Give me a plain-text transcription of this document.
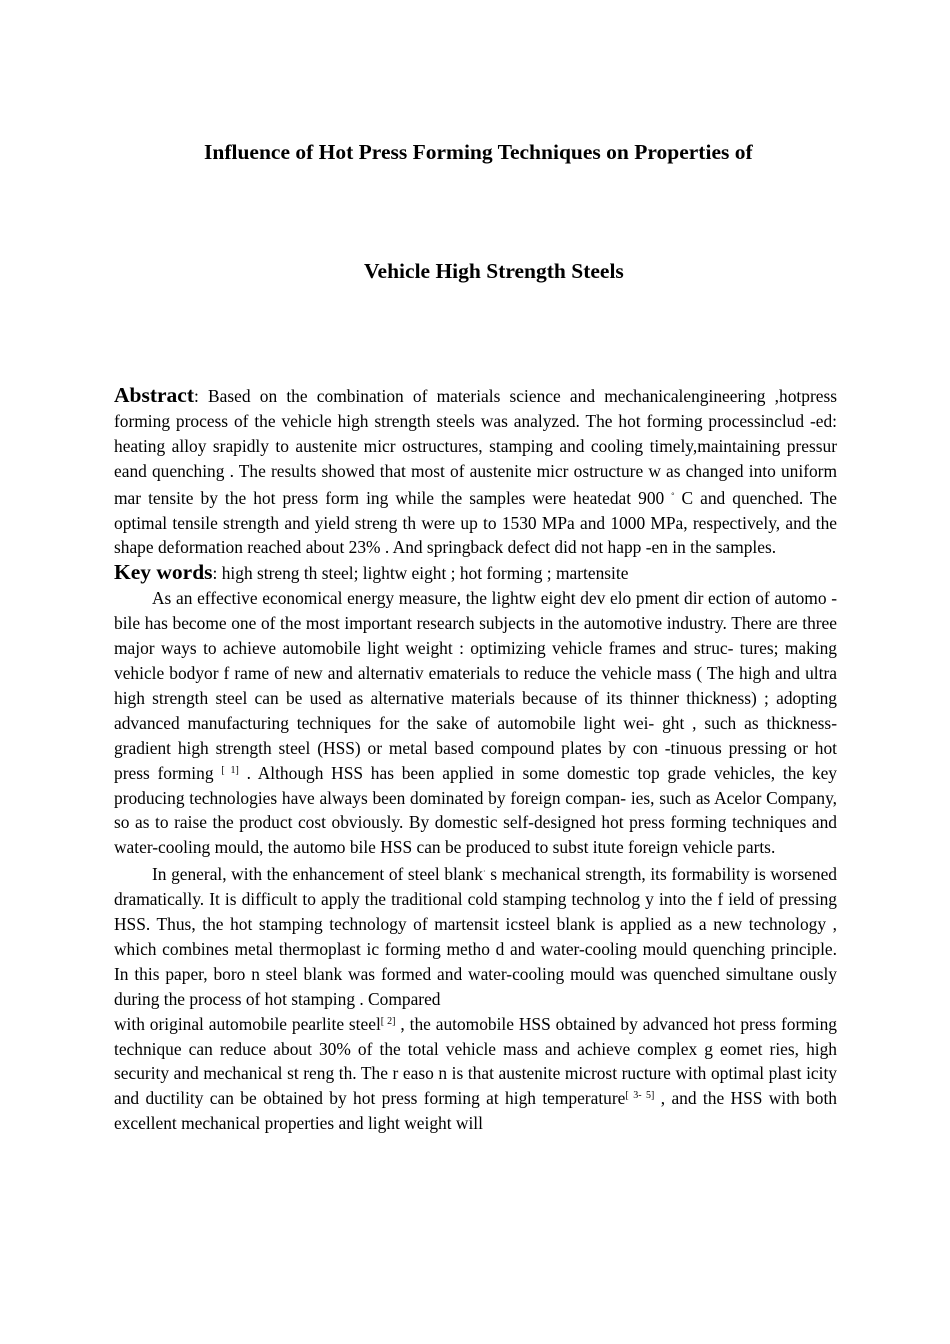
Influence of Hot Press Forming Techniques on Properties of
Vehicle High Strength Steels

Abstract: Based on the combination of materials science and mechanicalengineering ,hotpress forming process of the vehicle high strength steels was analyzed. The hot forming processinclud -ed: heating alloy srapidly to austenite micr ostructures, stamping and cooling timely,maintaining pressur eand quenching . The results showed that most of austenite micr ostructure w as changed into uniform mar tensite by the hot press form ing while the samples were heatedat 900 ° C and quenched. The optimal tensile strength and yield streng th were up to 1530 MPa and 1000 MPa, respectively, and the shape deformation reached about 23% . And springback defect did not happ -en in the samples.

Key words: high streng th steel; lightw eight ; hot forming ; martensite

As an effective economical energy measure, the lightw eight dev elo pment dir ection of automo -bile has become one of the most important research subjects in the automotive industry. There are three major ways to achieve automobile light weight : optimizing vehicle frames and struc- tures; making vehicle bodyor f rame of new and alternativ ematerials to reduce the vehicle mass ( The high and ultra high strength steel can be used as alternative materials because of its thinner thickness) ; adopting advanced manufacturing techniques for the sake of automobile light wei- ght , such as thickness-gradient high strength steel (HSS) or metal based compound plates by con -tinuous pressing or hot press forming [ 1] . Although HSS has been applied in some domestic top grade vehicles, the key producing technologies have always been dominated by foreign compan- ies, such as Acelor Company, so as to raise the product cost obviously. By domestic self-designed hot press forming techniques and water-cooling mould, the automo bile HSS can be produced to subst itute foreign vehicle parts.

In general, with the enhancement of steel blank· s mechanical strength, its formability is worsened dramatically. It is difficult to apply the traditional cold stamping technolog y into the f ield of pressing HSS. Thus, the hot stamping technology of martensit icsteel blank is applied as a new technology , which combines metal thermoplast ic forming metho d and water-cooling mould quenching principle. In this paper, boro n steel blank was formed and water-cooling mould was quenched simultane ously during the process of hot stamping . Compared

with original automobile pearlite steel[ 2] , the automobile HSS obtained by advanced hot press forming technique can reduce about 30% of the total vehicle mass and achieve complex g eomet ries, high security and mechanical st reng th. The r easo n is that austenite microst ructure with optimal plast icity and ductility can be obtained by hot press forming at high temperature[ 3- 5] , and the HSS with both excellent mechanical properties and light weight will
